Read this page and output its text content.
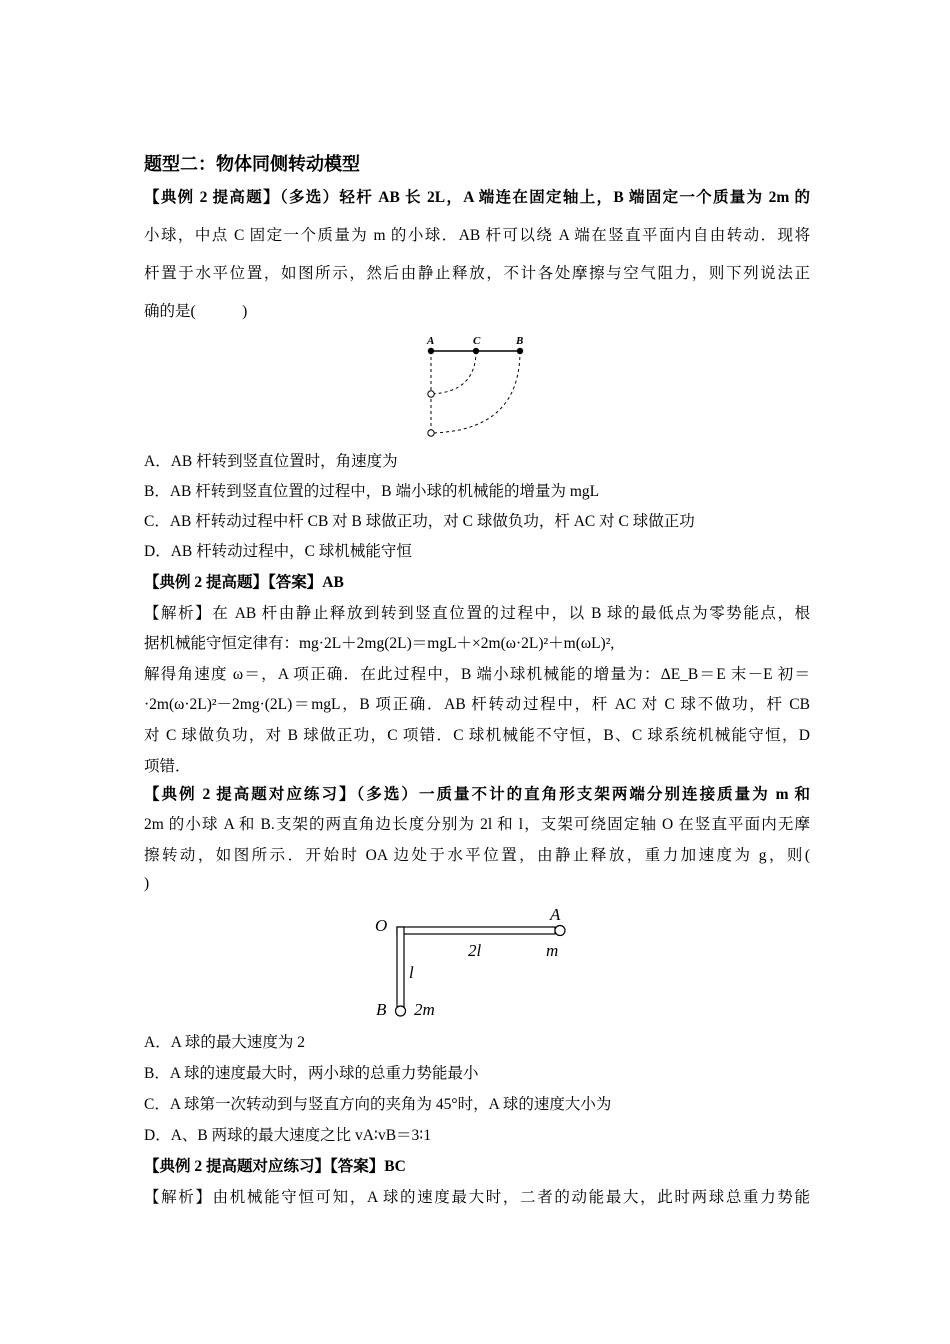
题型二：物体同侧转动模型
【典例 2 提高题】（多选）轻杆 AB 长 2L，A 端连在固定轴上，B 端固定一个质量为 2m 的
小球，中点 C 固定一个质量为 m 的小球．AB 杆可以绕 A 端在竖直平面内自由转动．现将
杆置于水平位置，如图所示，然后由静止释放，不计各处摩擦与空气阻力，则下列说法正
确的是(　　　)
A	C	B
A．AB 杆转到竖直位置时，角速度为
B．AB 杆转到竖直位置的过程中，B 端小球的机械能的增量为 mgL
C．AB 杆转动过程中杆 CB 对 B 球做正功，对 C 球做负功，杆 AC 对 C 球做正功
D．AB 杆转动过程中，C 球机械能守恒
【典例 2 提高题】【答案】AB
【解析】在 AB 杆由静止释放到转到竖直位置的过程中，以 B 球的最低点为零势能点，根
据机械能守恒定律有：mg·2L＋2mg(2L)＝mgL＋×2m(ω·2L)²＋m(ωL)²,
解得角速度 ω＝，A 项正确．在此过程中，B 端小球机械能的增量为：ΔE_B＝E 末－E 初＝
·2m(ω·2L)²－2mg·(2L)＝mgL，B 项正确．AB 杆转动过程中，杆 AC 对 C 球不做功，杆 CB
对 C 球做负功，对 B 球做正功，C 项错．C 球机械能不守恒，B、C 球系统机械能守恒，D
项错．
【典例 2 提高题对应练习】（多选）一质量不计的直角形支架两端分别连接质量为 m 和
2m 的小球 A 和 B.支架的两直角边长度分别为 2l 和 l，支架可绕固定轴 O 在竖直平面内无摩
擦转动，如图所示．开始时 OA 边处于水平位置，由静止释放，重力加速度为 g，则(
)
O
A
2l	m
l
B 2m
A．A 球的最大速度为 2
B．A 球的速度最大时，两小球的总重力势能最小
C．A 球第一次转动到与竖直方向的夹角为 45°时，A 球的速度大小为
D．A、B 两球的最大速度之比 vA∶vB＝3∶1
【典例 2 提高题对应练习】【答案】BC
【解析】由机械能守恒可知，A 球的速度最大时，二者的动能最大，此时两球总重力势能
